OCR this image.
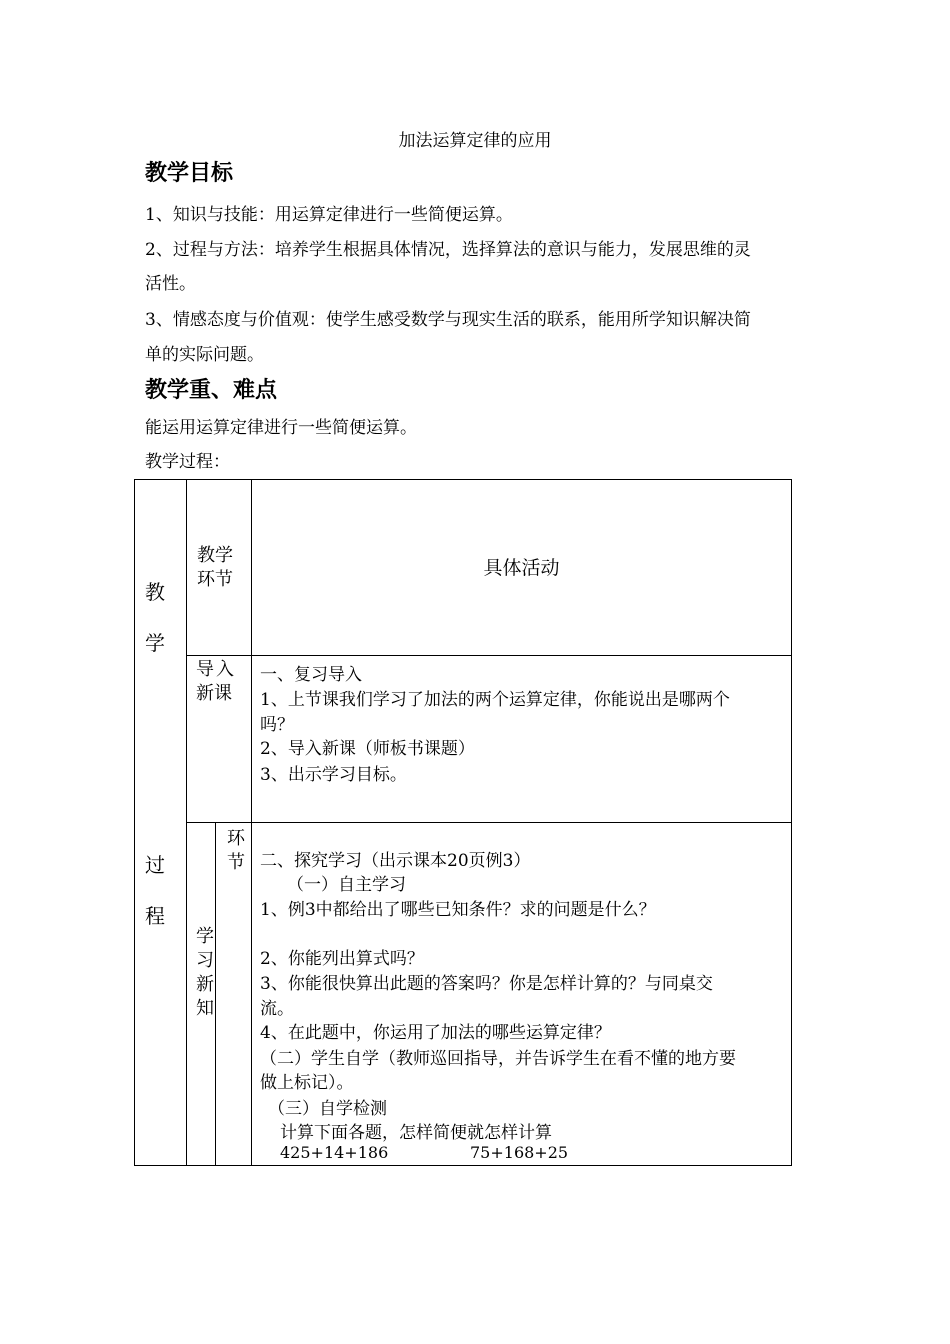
加法运算定律的应用
教学目标
1、知识与技能：用运算定律进行一些简便运算。
2、过程与方法：培养学生根据具体情况，选择算法的意识与能力，发展思维的灵
活性。
3、情感态度与价值观：使学生感受数学与现实生活的联系，能用所学知识解决简
单的实际问题。
教学重、难点
能运用运算定律进行一些简便运算。
教学过程：
教
学
过
程
教学
环节
具体活动
导入
新课
一、复习导入
1、上节课我们学习了加法的两个运算定律，你能说出是哪两个
吗？
2、导入新课（师板书课题）
3、出示学习目标。
环
节
学
习
新
知
二、探究学习（出示课本20页例3）
（一）自主学习
1、例3中都给出了哪些已知条件？求的问题是什么？
2、你能列出算式吗？
3、你能很快算出此题的答案吗？你是怎样计算的？与同桌交
流。
4、在此题中，你运用了加法的哪些运算定律？
（二）学生自学（教师巡回指导，并告诉学生在看不懂的地方要
做上标记）。
（三）自学检测
计算下面各题，怎样简便就怎样计算
425+14+186	75+168+25
